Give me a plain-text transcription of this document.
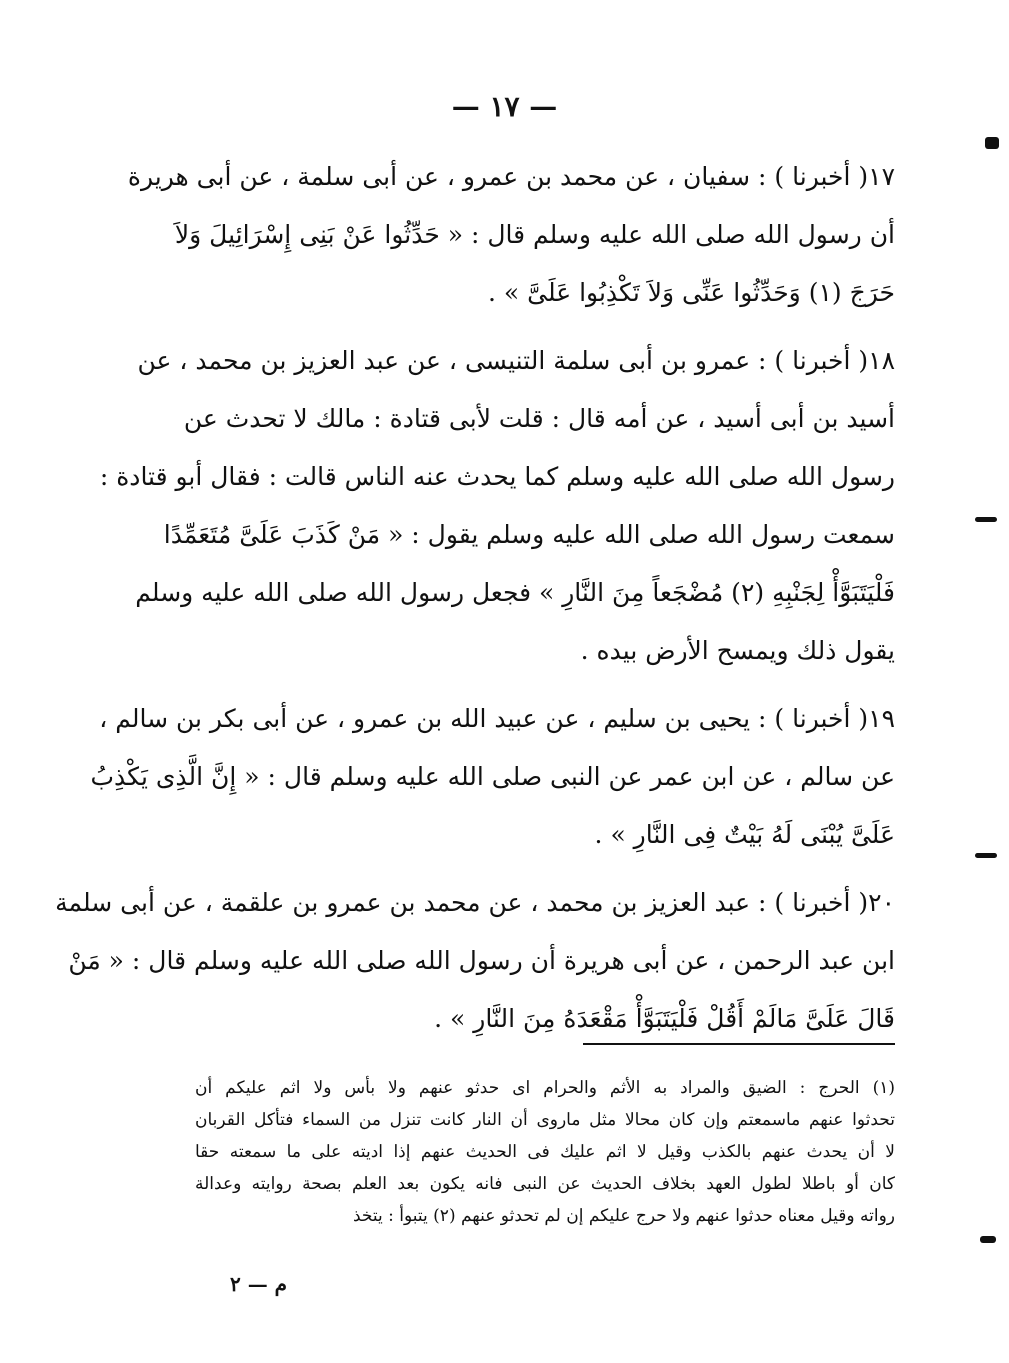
— ١٧ —
١٧( أخبرنا ) : سفيان ، عن محمد بن عمرو ، عن أبى سلمة ، عن أبى هريرة
أن رسول الله صلى الله عليه وسلم قال : « حَدِّثُوا عَنْ بَنِى إِسْرَائِيلَ وَلاَ
حَرَجَ (١) وَحَدِّثُوا عَنِّى وَلاَ تَكْذِبُوا عَلَىَّ » .
١٨( أخبرنا ) : عمرو بن أبى سلمة التنيسى ، عن عبد العزيز بن محمد ، عن
أسيد بن أبى أسيد ، عن أمه قال : قلت لأبى قتادة : مالك لا تحدث عن
رسول الله صلى الله عليه وسلم كما يحدث عنه الناس قالت : فقال أبو قتادة :
سمعت رسول الله صلى الله عليه وسلم يقول : « مَنْ كَذَبَ عَلَىَّ مُتَعَمِّدًا
فَلْيَتَبَوَّأْ لِجَنْبِهِ (٢) مُضْجَعاً مِنَ النَّارِ » فجعل رسول الله صلى الله عليه وسلم
يقول ذلك ويمسح الأرض بيده .
١٩( أخبرنا ) : يحيى بن سليم ، عن عبيد الله بن عمرو ، عن أبى بكر بن سالم ،
عن سالم ، عن ابن عمر عن النبى صلى الله عليه وسلم قال : « إِنَّ الَّذِى يَكْذِبُ
عَلَىَّ يُبْنَى لَهُ بَيْتٌ فِى النَّارِ » .
٢٠( أخبرنا ) : عبد العزيز بن محمد ، عن محمد بن عمرو بن علقمة ، عن أبى سلمة
ابن عبد الرحمن ، عن أبى هريرة أن رسول الله صلى الله عليه وسلم قال : « مَنْ
قَالَ عَلَىَّ مَالَمْ أَقُلْ فَلْيَتَبَوَّأْ مَقْعَدَهُ مِنَ النَّارِ » .
(١) الحرج : الضيق والمراد به الأثم والحرام اى حدثو عنهم ولا بأس ولا اثم عليكم أن
تحدثوا عنهم ماسمعتم وإن كان محالا مثل ماروى أن النار كانت تنزل من السماء فتأكل القربان
لا أن يحدث عنهم بالكذب وقيل لا اثم عليك فى الحديث عنهم إذا اديته على ما سمعته حقا
كان أو باطلا لطول العهد بخلاف الحديث عن النبى فانه يكون بعد العلم بصحة روايته وعدالة
رواته وقيل معناه حدثوا عنهم ولا حرج عليكم إن لم تحدثو عنهم (٢) يتبوأ : يتخذ
م — ٢
